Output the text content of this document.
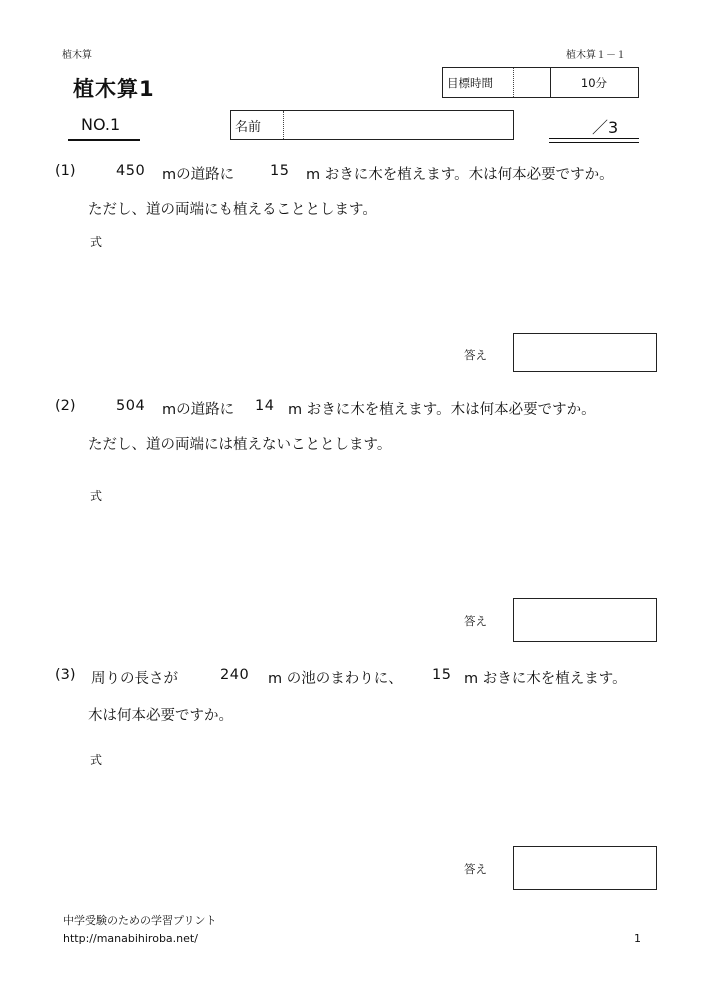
植木算	植木算１－１
植木算1	目標時間	10分
NO.1	名前	／3
(1)	450 mの道路に 15 m おきに木を植えます。木は何本必要ですか。
ただし、道の両端にも植えることとします。
式
答え
(2)	504 mの道路に 14 m おきに木を植えます。木は何本必要ですか。
ただし、道の両端には植えないこととします。
式
答え
(3) 周りの長さが	240 m の池のまわりに、 15 m おきに木を植えます。
木は何本必要ですか。
式
答え
中学受験のための学習プリント
http://manabihiroba.net/	1
